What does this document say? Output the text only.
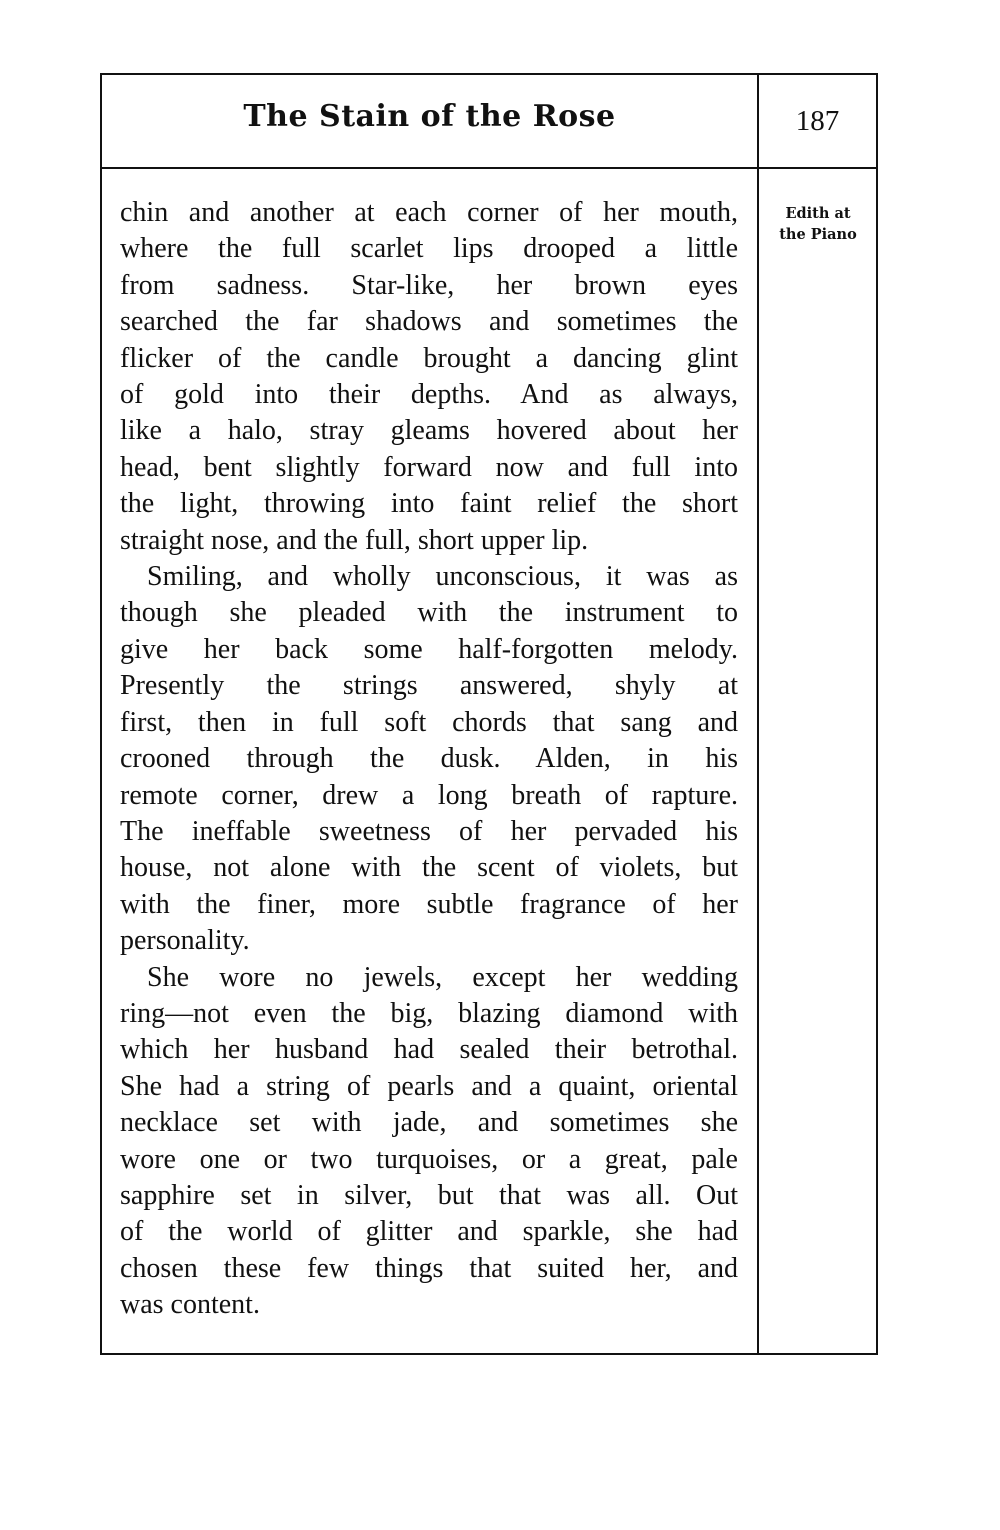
The Stain of the Rose	187
Edith at
the Piano

chin and another at each corner of her mouth,
where the full scarlet lips drooped a little
from sadness. Star-like, her brown eyes
searched the far shadows and sometimes the
flicker of the candle brought a dancing glint
of gold into their depths. And as always,
like a halo, stray gleams hovered about her
head, bent slightly forward now and full into
the light, throwing into faint relief the short
straight nose, and the full, short upper lip.

Smiling, and wholly unconscious, it was as
though she pleaded with the instrument to
give her back some half-forgotten melody.
Presently the strings answered, shyly at
first, then in full soft chords that sang and
crooned through the dusk. Alden, in his
remote corner, drew a long breath of rapture.
The ineffable sweetness of her pervaded his
house, not alone with the scent of violets, but
with the finer, more subtle fragrance of her
personality.

She wore no jewels, except her wedding
ring—not even the big, blazing diamond with
which her husband had sealed their betrothal.
She had a string of pearls and a quaint, oriental
necklace set with jade, and sometimes she
wore one or two turquoises, or a great, pale
sapphire set in silver, but that was all. Out
of the world of glitter and sparkle, she had
chosen these few things that suited her, and
was content.
